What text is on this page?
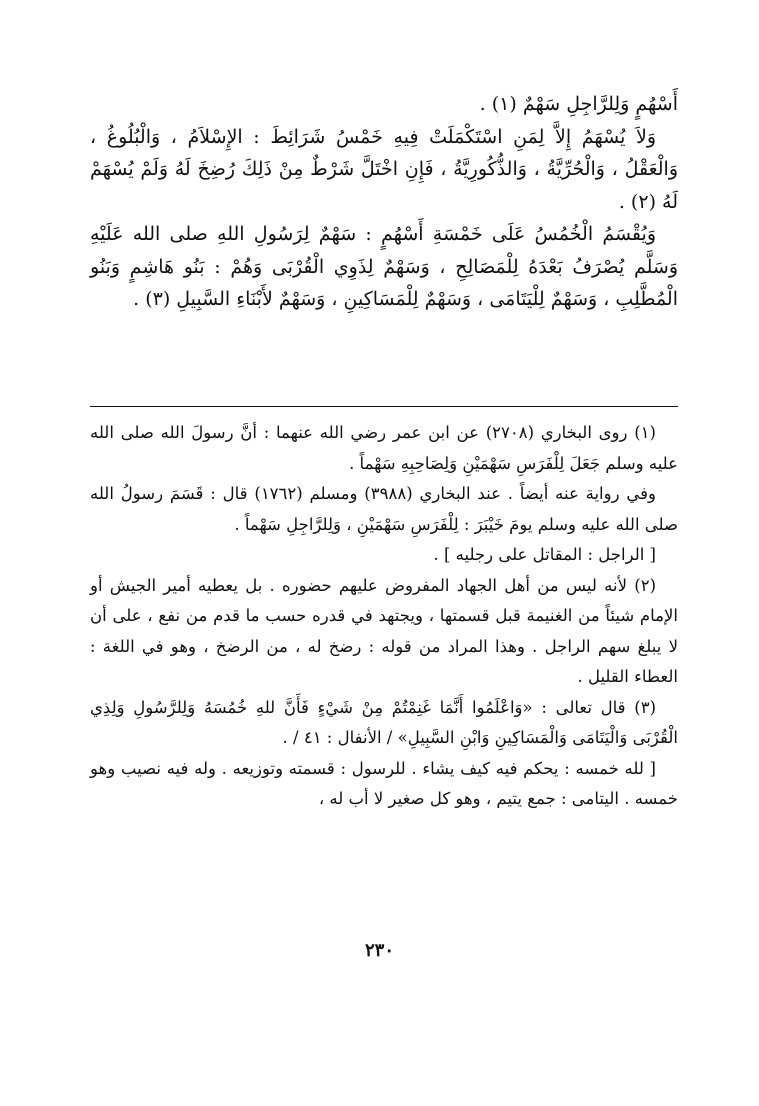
أَسْهُمٍ وَلِلرَّاجِلِ سَهْمٌ (١) .

وَلاَ يُسْهَمُ إِلاَّ لِمَنِ اسْتَكْمَلَتْ فِيهِ خَمْسُ شَرَائِطَ : الإِسْلاَمُ ، وَالْبُلُوغُ ، وَالْعَقْلُ ، وَالْحُرِّيَّةُ ، وَالذُّكُورِيَّةُ ، فَإِنِ اخْتَلَّ شَرْطٌ مِنْ ذَلِكَ رُضِخَ لَهُ وَلَمْ يُسْهَمْ لَهُ (٢) .

وَيُقْسَمُ الْخُمُسُ عَلَى خَمْسَةِ أَسْهُمٍ : سَهْمٌ لِرَسُولِ اللهِ صلى الله عَلَيْهِ وَسَلَّم يُصْرَفُ بَعْدَهُ لِلْمَصَالِحِ ، وَسَهْمٌ لِذَوِي الْقُرْبَى وَهُمْ : بَنُو هَاشِمٍ وَبَنُو الْمُطَّلِبِ ، وَسَهْمٌ لِلْيَتَامَى ، وَسَهْمٌ لِلْمَسَاكِينِ ، وَسَهْمٌ لأَبْنَاءِ السَّبِيلِ (٣) .

(١) روى البخاري (٢٧٠٨) عن ابن عمر رضي الله عنهما : أنَّ رسولَ الله صلى الله عليه وسلم جَعَلَ لِلْفَرَسِ سَهْمَيْنِ وَلِصَاحِبِهِ سَهْماً .

وفي رواية عنه أيضاً . عند البخاري (٣٩٨٨) ومسلم (١٧٦٢) قال : قَسَمَ رسولُ الله صلى الله عليه وسلم يومَ خَيْبَرَ : لِلْفَرَسِ سَهْمَيْنِ ، وَلِلرَّاجِلِ سَهْماً .

[ الراجل : المقاتل على رجليه ] .

(٢) لأنه ليس من أهل الجهاد المفروض عليهم حضوره . بل يعطيه أمير الجيش أو الإمام شيئاً من الغنيمة قبل قسمتها ، ويجتهد في قدره حسب ما قدم من نفع ، على أن لا يبلغ سهم الراجل . وهذا المراد من قوله : رضخ له ، من الرضخ ، وهو في اللغة : العطاء القليل .

(٣) قال تعالى : «وَاعْلَمُوا أَنَّمَا غَنِمْتُمْ مِنْ شَيْءٍ فَأَنَّ للهِ خُمُسَهُ وَلِلرَّسُولِ وَلِذِي الْقُرْبَى وَالْيَتَامَى وَالْمَسَاكِينِ وَابْنِ السَّبِيلِ» / الأنفال : ٤١ / .

[ لله خمسه : يحكم فيه كيف يشاء . للرسول : قسمته وتوزيعه . وله فيه نصيب وهو خمسه . اليتامى : جمع يتيم ، وهو كل صغير لا أب له ،

٢٣٠
